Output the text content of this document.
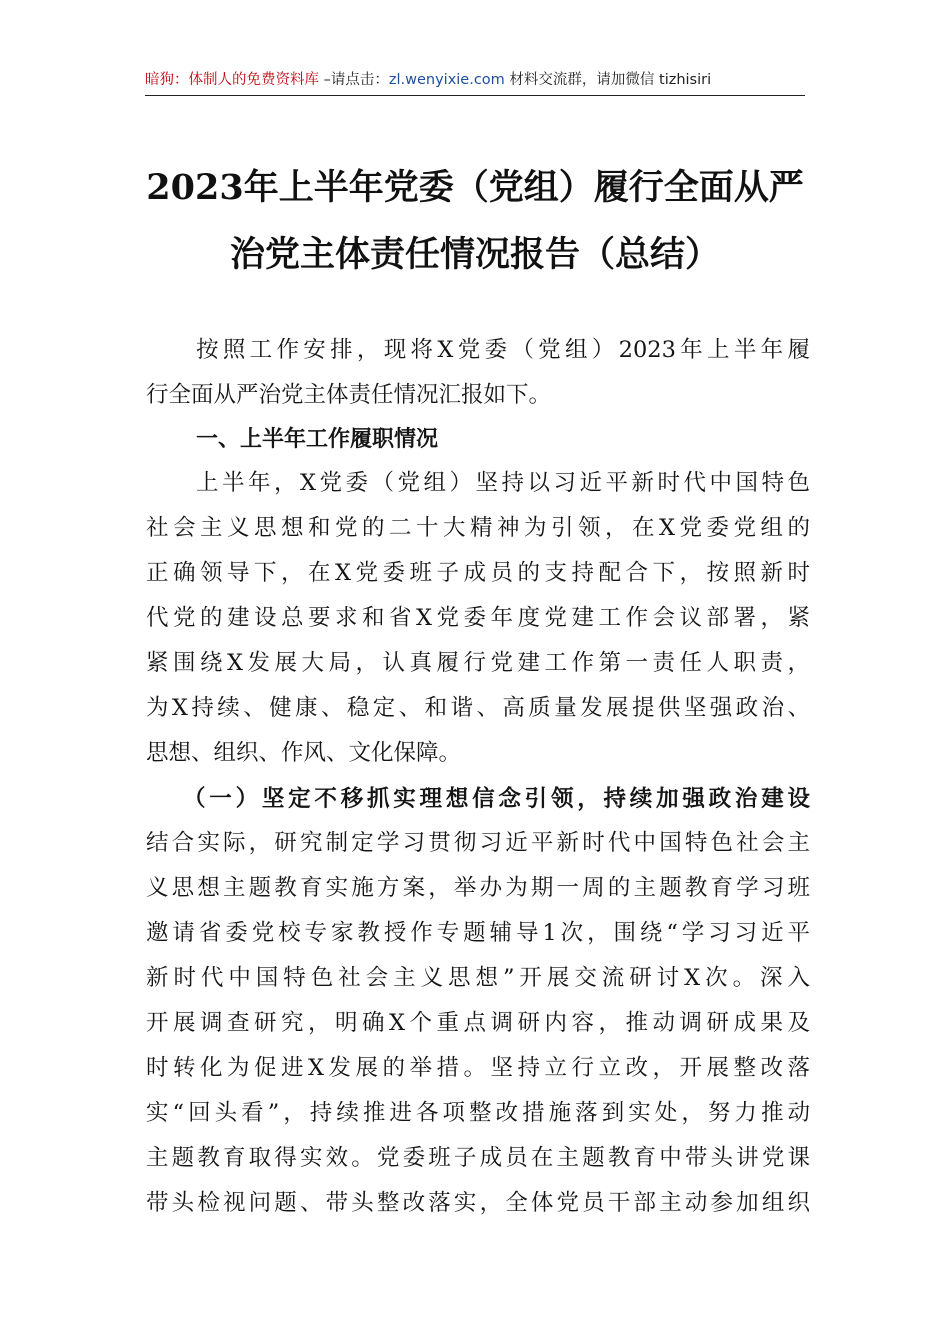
暗狗：体制人的免费资料库 –请点击：zl.wenyixie.com 材料交流群，请加微信 tizhisiri
2023年上半年党委（党组）履行全面从严
治党主体责任情况报告（总结）
按照工作安排，现将X党委（党组）2023年上半年履
行全面从严治党主体责任情况汇报如下。
一、上半年工作履职情况
上半年，X党委（党组）坚持以习近平新时代中国特色
社会主义思想和党的二十大精神为引领，在X党委党组的
正确领导下，在X党委班子成员的支持配合下，按照新时
代党的建设总要求和省X党委年度党建工作会议部署，紧
紧围绕X发展大局，认真履行党建工作第一责任人职责，
为X持续、健康、稳定、和谐、高质量发展提供坚强政治、
思想、组织、作风、文化保障。
（一）坚定不移抓实理想信念引领，持续加强政治建设
结合实际，研究制定学习贯彻习近平新时代中国特色社会主
义思想主题教育实施方案，举办为期一周的主题教育学习班
邀请省委党校专家教授作专题辅导1次，围绕“学习习近平
新时代中国特色社会主义思想”开展交流研讨X次。深入
开展调查研究，明确X个重点调研内容，推动调研成果及
时转化为促进X发展的举措。坚持立行立改，开展整改落
实“回头看”，持续推进各项整改措施落到实处，努力推动
主题教育取得实效。党委班子成员在主题教育中带头讲党课
带头检视问题、带头整改落实，全体党员干部主动参加组织
